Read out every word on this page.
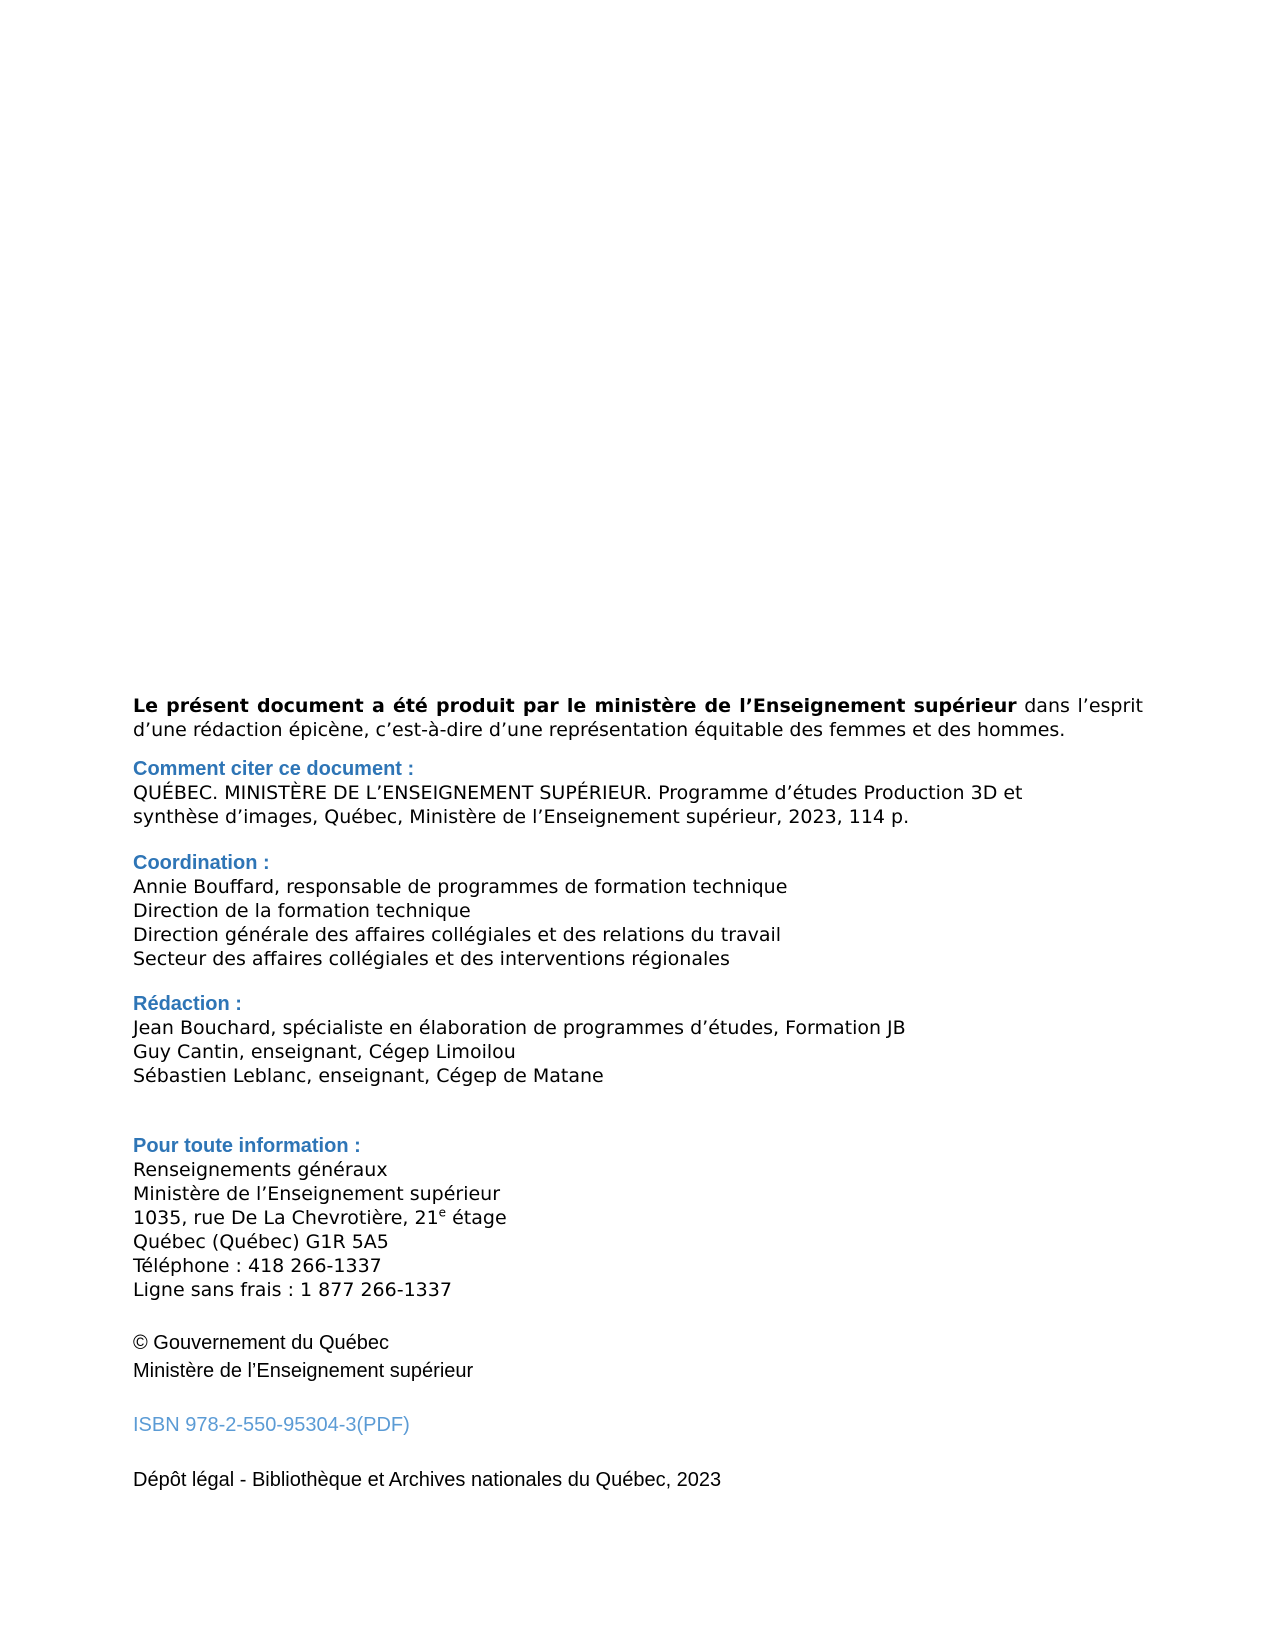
Le présent document a été produit par le ministère de l’Enseignement supérieur dans l’esprit d’une rédaction épicène, c’est-à-dire d’une représentation équitable des femmes et des hommes.

Comment citer ce document :
QUÉBEC. MINISTÈRE DE L’ENSEIGNEMENT SUPÉRIEUR. Programme d’études Production 3D et
synthèse d’images, Québec, Ministère de l’Enseignement supérieur, 2023, 114 p.
Coordination :
Annie Bouffard, responsable de programmes de formation technique
Direction de la formation technique
Direction générale des affaires collégiales et des relations du travail
Secteur des affaires collégiales et des interventions régionales
Rédaction :
Jean Bouchard, spécialiste en élaboration de programmes d’études, Formation JB
Guy Cantin, enseignant, Cégep Limoilou
Sébastien Leblanc, enseignant, Cégep de Matane
Pour toute information :
Renseignements généraux
Ministère de l’Enseignement supérieur
1035, rue De La Chevrotière, 21e étage
Québec (Québec) G1R 5A5
Téléphone : 418 266-1337
Ligne sans frais : 1 877 266-1337
© Gouvernement du Québec
Ministère de l’Enseignement supérieur
ISBN 978-2-550-95304-3(PDF)
Dépôt légal - Bibliothèque et Archives nationales du Québec, 2023
